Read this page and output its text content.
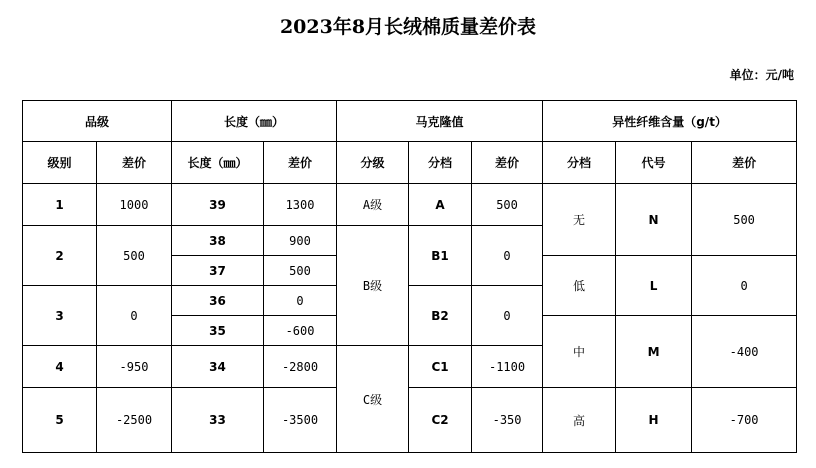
2023年8月长绒棉质量差价表
单位：元/吨
品级		长度（㎜）		马克隆值			异性纤维含量（g/t）		
级别	差价	长度（㎜）	差价	分级	分档	差价	分档	代号	差价
1	1000	39	1300	A级	A	500	无	N	500
2	500	38	900	B级	B1	0			
		37	500				低	L	0
3	0	36	0		B2	0			
		35	-600				中	M	-400
4	-950	34	-2800	C级	C1	-1100			
5	-2500	33	-3500		C2	-350	高	H	-700
